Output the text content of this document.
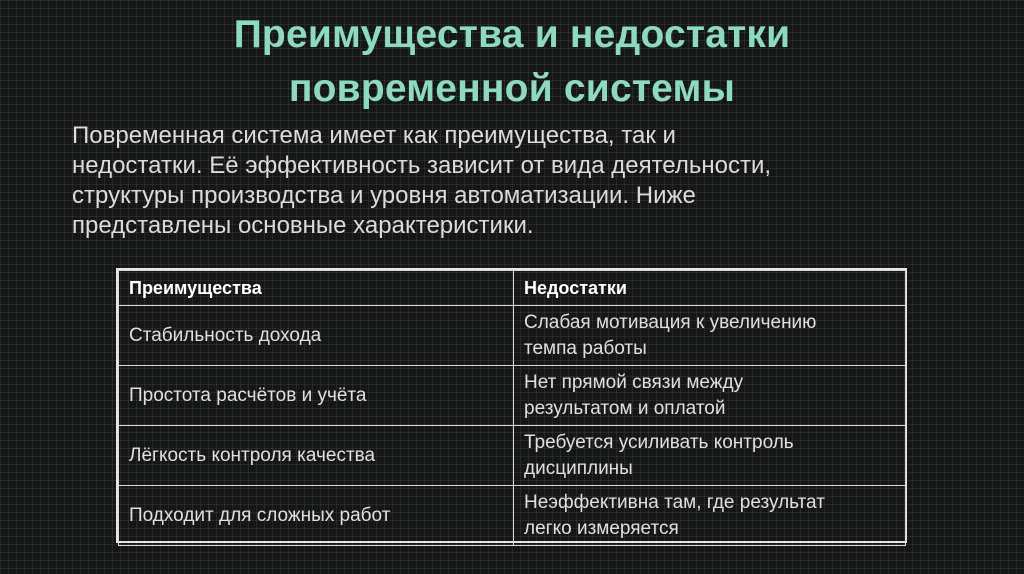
Преимущества и недостатки
повременной системы

Повременная система имеет как преимущества, так и
недостатки. Её эффективность зависит от вида деятельности,
структуры производства и уровня автоматизации. Ниже
представлены основные характеристики.

Преимущества	Недостатки
Стабильность дохода	Слабая мотивация к увеличению
темпа работы
Простота расчётов и учёта	Нет прямой связи между
результатом и оплатой
Лёгкость контроля качества	Требуется усиливать контроль
дисциплины
Подходит для сложных работ	Неэффективна там, где результат
легко измеряется
